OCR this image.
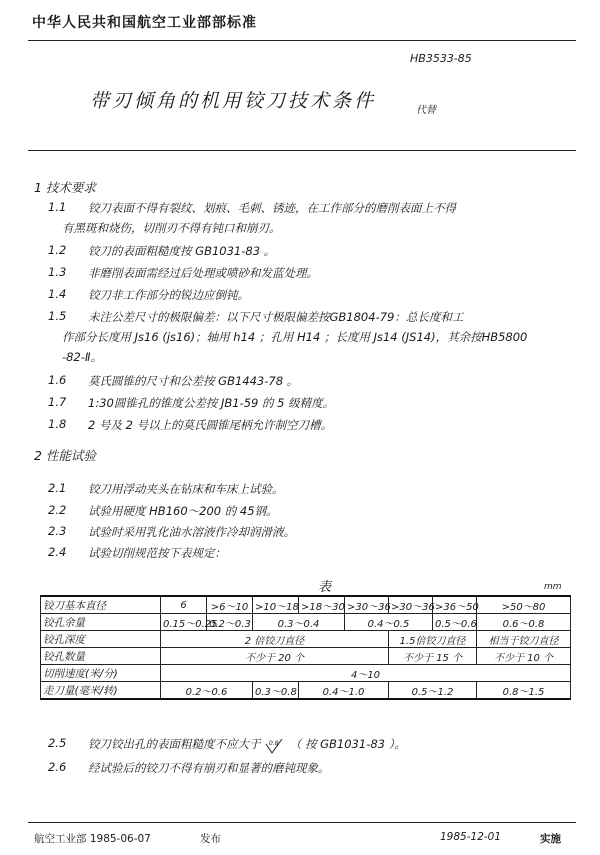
中华人民共和国航空工业部部标准
HB3533-85
带刃倾角的机用铰刀技术条件	代替
1 技术要求
1.1 铰刀表面不得有裂纹、划痕、毛刺、锈迹，在工作部分的磨削表面上不得
有黑斑和烧伤，切削刃不得有钝口和崩刃。
1.2 铰刀的表面粗糙度按 GB1031-83 。
1.3 非磨削表面需经过后处理或喷砂和发蓝处理。
1.4 铰刀非工作部分的锐边应倒钝。
1.5 未注公差尺寸的极限偏差：以下尺寸极限偏差按GB1804-79：总长度和工
作部分长度用 Js16 (js16)；轴用 h14 ；孔用 H14 ；长度用 Js14 (JS14)，其余按HB5800
-82-Ⅱ。
1.6 莫氏圆锥的尺寸和公差按 GB1443-78 。
1.7 1:30圆锥孔的锥度公差按 JB1-59 的 5 级精度。
1.8 2 号及 2 号以上的莫氏圆锥尾柄允许制空刀槽。
2 性能试验
2.1 铰刀用浮动夹头在钻床和车床上试验。
2.2 试验用硬度 HB160～200 的 45钢。
2.3 试验时采用乳化油水溶液作冷却润滑液。
2.4 试验切削规范按下表规定：
表	mm
铰刀基本直径	6	>6～10	>10～18	>18～30	>30～36	>30～36	>36～50	>50～80
铰孔余量	0.15～0.25	0.2～0.3	0.3～0.4		0.4～0.5		0.5～0.6	0.6～0.8
铰孔深度	2 倍铰刀直径					1.5倍铰刀直径		相当于铰刀直径
铰孔数量	不少于 20 个					不少于 15 个		不少于 10 个
切削速度(米/分)	4～10							
走刀量(毫米/转)	0.2～0.6		0.3～0.8	0.4～1.0		0.5～1.2		0.8～1.5
2.5 铰刀铰出孔的表面粗糙度不应大于 0.8 （ 按 GB1031-83 ）。
2.6 经试验后的铰刀不得有崩刃和显著的磨钝现象。
航空工业部 1985-06-07	发布	1985-12-01	实施
